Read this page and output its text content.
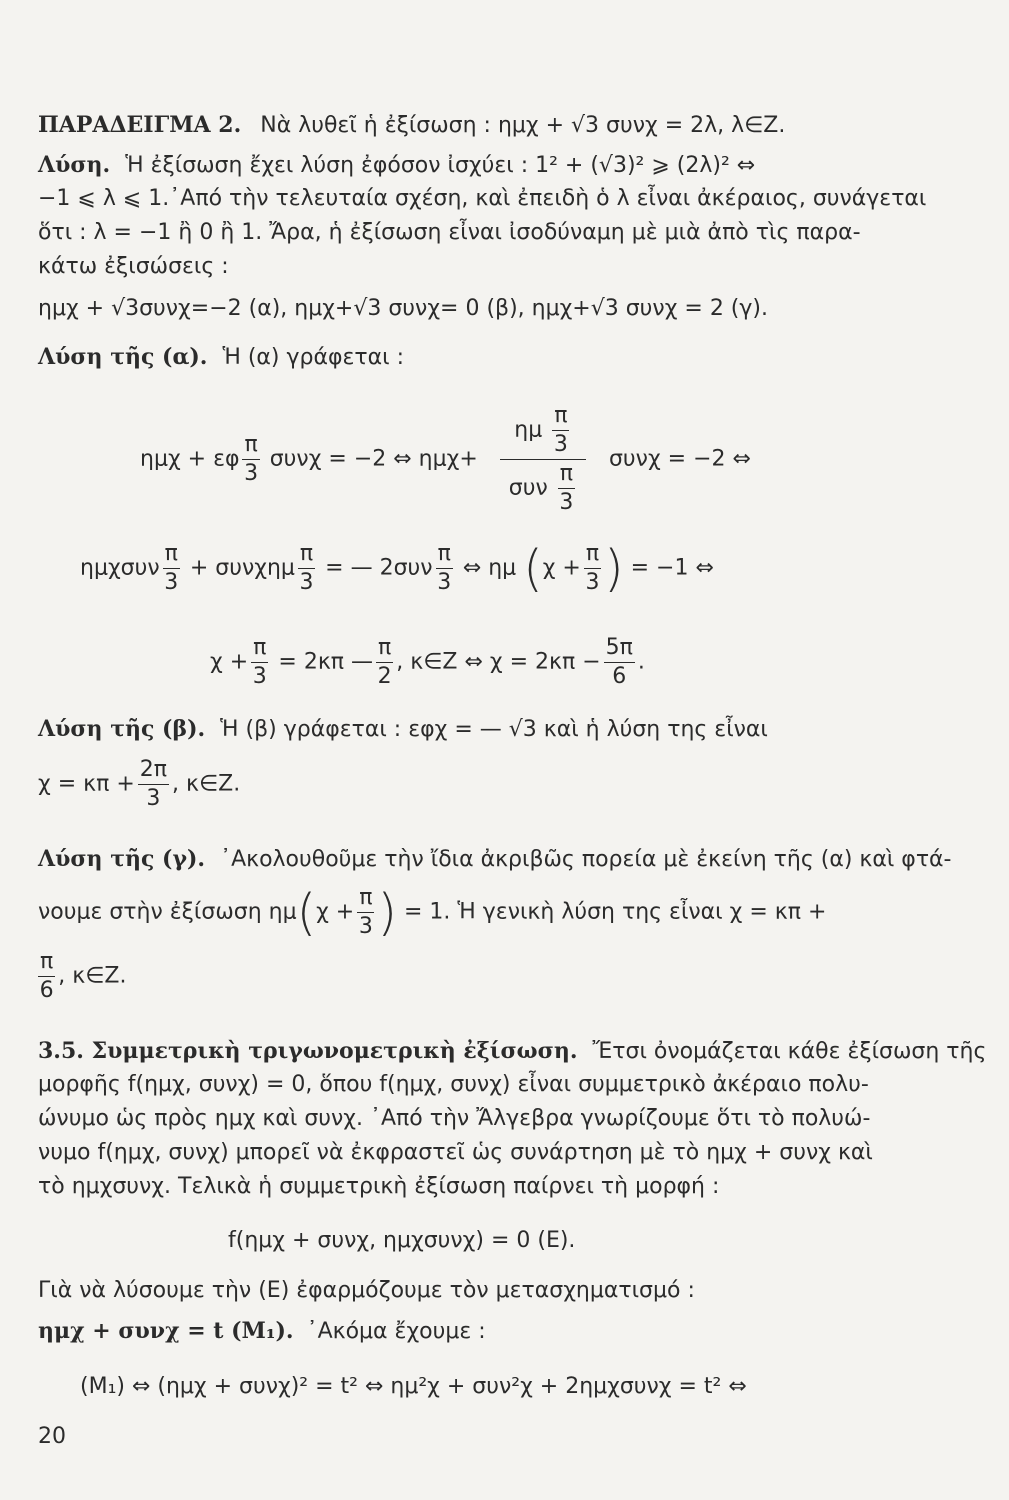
ΠΑΡΑΔΕΙΓΜΑ 2. Νὰ λυθεῖ ἡ ἐξίσωση : ημχ + √3 συνχ = 2λ, λ∈Z.
Λύση. Ἡ ἐξίσωση ἔχει λύση ἐφόσον ἰσχύει : 1² + (√3)² ⩾ (2λ)² ⇔
−1 ⩽ λ ⩽ 1.᾿Από τὴν τελευταία σχέση, καὶ ἐπειδὴ ὁ λ εἶναι ἀκέραιος, συνάγεται
ὅτι : λ = −1 ἢ 0 ἢ 1. Ἄρα, ἡ ἐξίσωση εἶναι ἰσοδύναμη μὲ μιὰ ἀπὸ τὶς παρα-
κάτω ἐξισώσεις :
ημχ + √3συνχ=−2 (α), ημχ+√3 συνχ= 0 (β), ημχ+√3 συνχ = 2 (γ).
Λύση τῆς (α). Ἡ (α) γράφεται :
ημχ + εφ $\frac{\pi}{3}$ συνχ = −2 ⇔ $\eta\mu\chi+ \frac{\eta\mu \frac{\pi}{3}}{\sigma\upsilon\nu \frac{\pi}{3}}$ συνχ = −2 ⇔
ημχσυν $\frac{\pi}{3} + \sigma\upsilon\nu\chi\eta\mu \frac{\pi}{3}$ = — $2\sigma\upsilon\nu \frac{\pi}{3}$ ⇔ ημ ($\chi + \frac{\pi}{3}$ ) = −1 ⇔
$\chi + \frac{\pi}{3} = 2\kappa\pi$ — $\frac{\pi}{2}$ , κ∈Z ⇔ $\chi = 2\kappa\pi - \frac{5\pi}{6}$ .
Λύση τῆς (β). Ἡ (β) γράφεται : εφχ = — √3 καὶ ἡ λύση της εἶναι
$\chi = \kappa\pi + \frac{2\pi}{3}$ , κ∈Z.
Λύση τῆς (γ). ᾿Ακολουθοῦμε τὴν ἴδια ἀκριβῶς πορεία μὲ ἐκείνη τῆς (α) καὶ φτά-
νουμε στὴν ἐξίσωση $\eta\mu(\chi + \frac{\pi}{3}$ ) = 1. Ἡ γενικὴ λύση της εἶναι χ = κπ +
$\frac{\pi}{6}$ , κ∈Z.
3.5. Συμμετρικὴ τριγωνομετρικὴ ἐξίσωση. Ἔτσι ὀνομάζεται κάθε ἐξίσωση τῆς
μορφῆς f(ημχ, συνχ) = 0, ὅπου f(ημχ, συνχ) εἶναι συμμετρικὸ ἀκέραιο πολυ-
ώνυμο ὡς πρὸς ημχ καὶ συνχ. ᾿Από τὴν Ἄλγεβρα γνωρίζουμε ὅτι τὸ πολυώ-
νυμο f(ημχ, συνχ) μπορεῖ νὰ ἐκφραστεῖ ὡς συνάρτηση μὲ τὸ ημχ + συνχ καὶ
τὸ ημχσυνχ. Τελικὰ ἡ συμμετρικὴ ἐξίσωση παίρνει τὴ μορφή :
f(ημχ + συνχ, ημχσυνχ) = 0 (E).
Γιὰ νὰ λύσουμε τὴν (E) ἐφαρμόζουμε τὸν μετασχηματισμό :
ημχ + συνχ = t (M₁). ᾿Ακόμα ἔχουμε :
(M₁) ⇔ (ημχ + συνχ)² = t² ⇔ ημ²χ + συν²χ + 2ημχσυνχ = t² ⇔
20
